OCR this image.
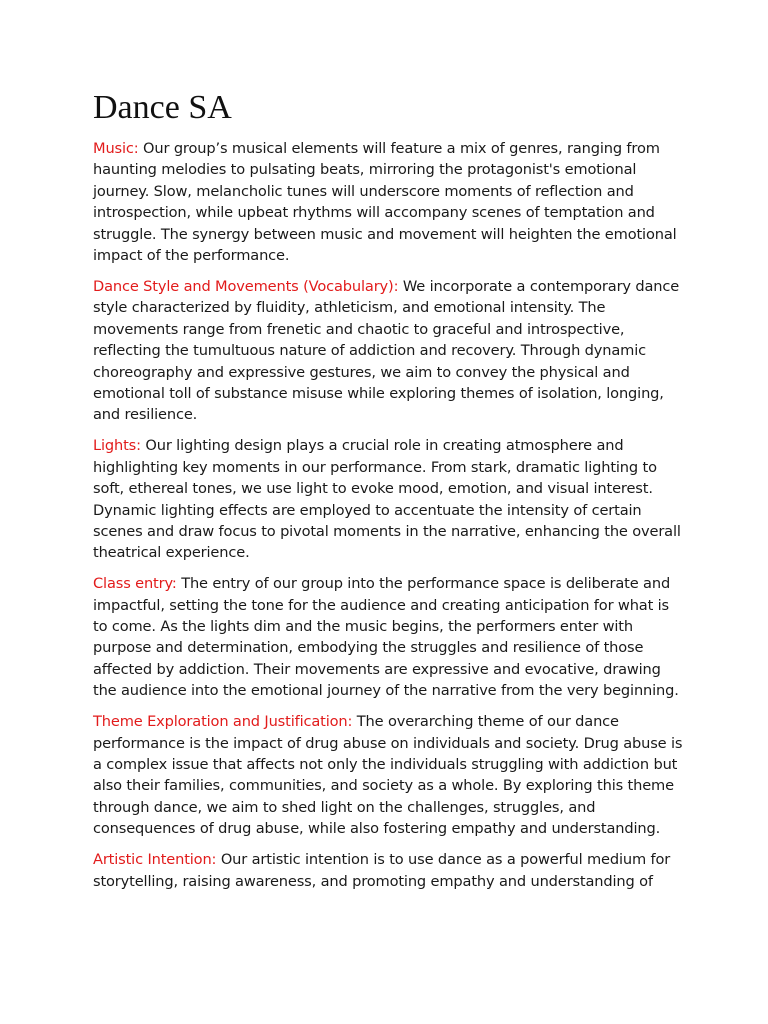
Dance SA

Music: Our group’s musical elements will feature a mix of genres, ranging from haunting melodies to pulsating beats, mirroring the protagonist's emotional journey. Slow, melancholic tunes will underscore moments of reflection and introspection, while upbeat rhythms will accompany scenes of temptation and struggle. The synergy between music and movement will heighten the emotional impact of the performance.

Dance Style and Movements (Vocabulary): We incorporate a contemporary dance style characterized by fluidity, athleticism, and emotional intensity. The movements range from frenetic and chaotic to graceful and introspective, reflecting the tumultuous nature of addiction and recovery. Through dynamic choreography and expressive gestures, we aim to convey the physical and emotional toll of substance misuse while exploring themes of isolation, longing, and resilience.

Lights: Our lighting design plays a crucial role in creating atmosphere and highlighting key moments in our performance. From stark, dramatic lighting to soft, ethereal tones, we use light to evoke mood, emotion, and visual interest. Dynamic lighting effects are employed to accentuate the intensity of certain scenes and draw focus to pivotal moments in the narrative, enhancing the overall theatrical experience.

Class entry: The entry of our group into the performance space is deliberate and impactful, setting the tone for the audience and creating anticipation for what is to come. As the lights dim and the music begins, the performers enter with purpose and determination, embodying the struggles and resilience of those affected by addiction. Their movements are expressive and evocative, drawing the audience into the emotional journey of the narrative from the very beginning.

Theme Exploration and Justification: The overarching theme of our dance performance is the impact of drug abuse on individuals and society. Drug abuse is a complex issue that affects not only the individuals struggling with addiction but also their families, communities, and society as a whole. By exploring this theme through dance, we aim to shed light on the challenges, struggles, and consequences of drug abuse, while also fostering empathy and understanding.

Artistic Intention: Our artistic intention is to use dance as a powerful medium for storytelling, raising awareness, and promoting empathy and understanding of
